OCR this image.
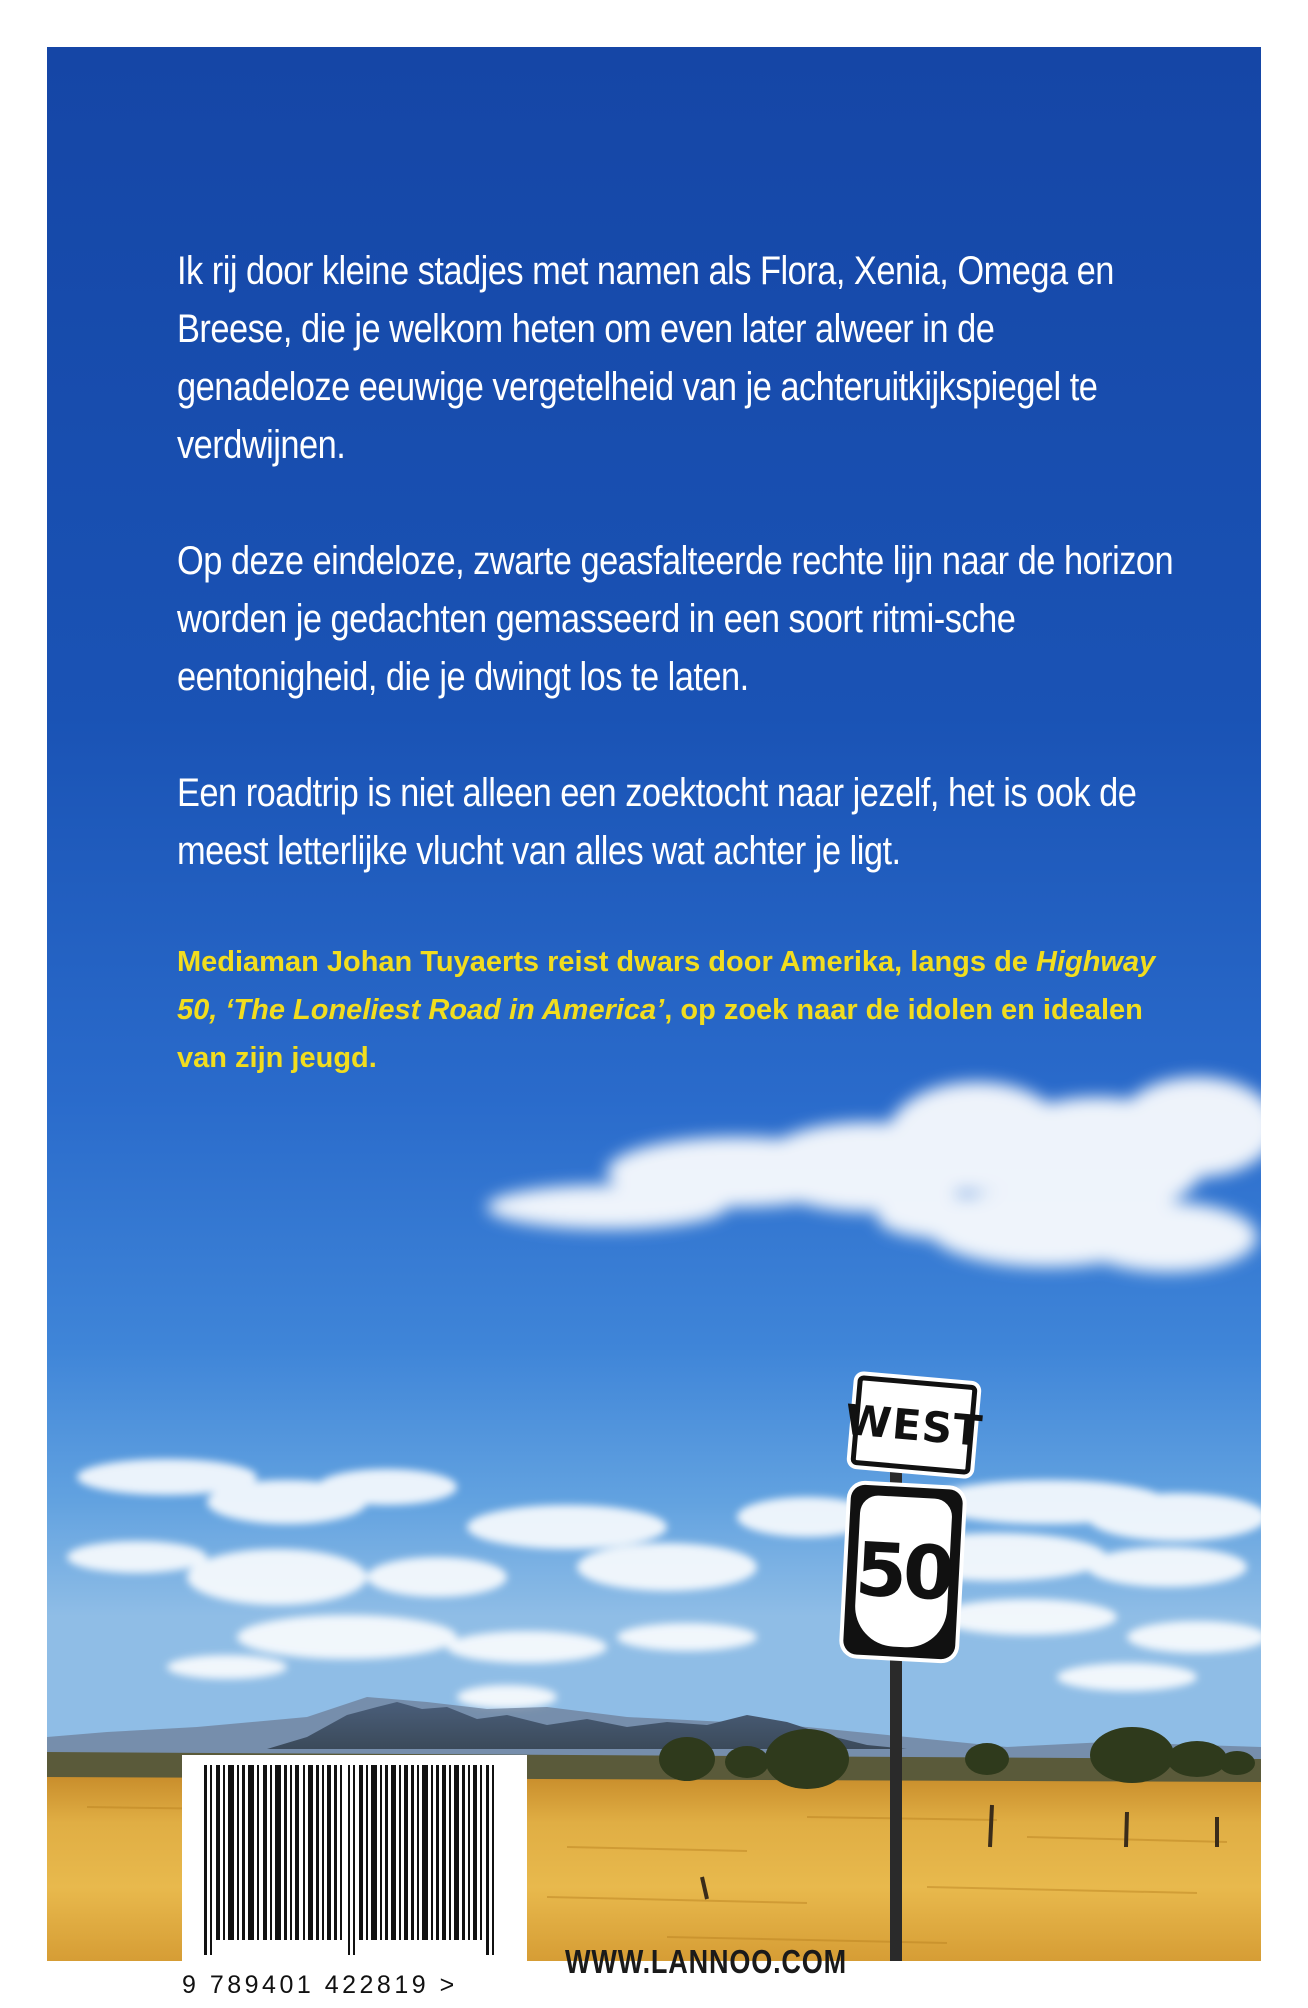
Ik rij door kleine stadjes met namen als Flora, Xenia, Omega en Breese, die je welkom heten om even later alweer in de genadeloze eeuwige vergetelheid van je achteruitkijkspiegel te verdwijnen.

Op deze eindeloze, zwarte geasfalteerde rechte lijn naar de horizon worden je gedachten gemasseerd in een soort ritmi-sche eentonigheid, die je dwingt los te laten.

Een roadtrip is niet alleen een zoektocht naar jezelf, het is ook de meest letterlijke vlucht van alles wat achter je ligt.

Mediaman Johan Tuyaerts reist dwars door Amerika, langs de Highway 50, ‘The Loneliest Road in America’, op zoek naar de idolen en idealen van zijn jeugd.

WEST
50
9 789401 422819 >
WWW.LANNOO.COM
